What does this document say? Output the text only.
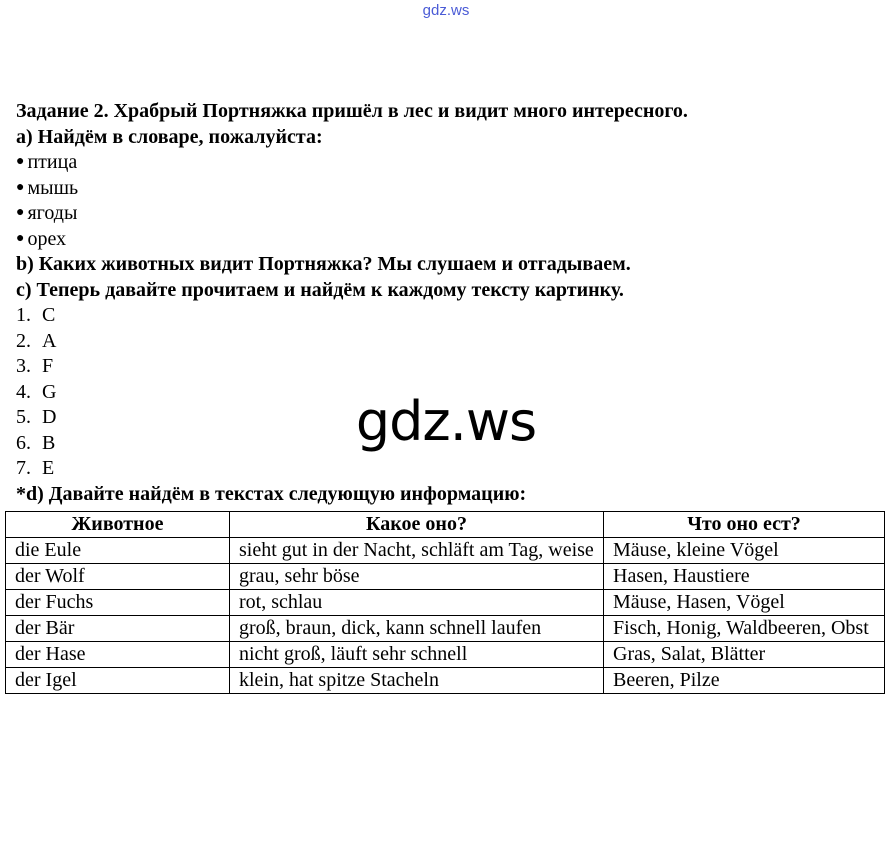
gdz.ws
Задание 2. Храбрый Портняжка пришёл в лес и видит много интересного.
a) Найдём в словаре, пожалуйста:
● птица
● мышь
● ягоды
● орех
b) Каких животных видит Портняжка? Мы слушаем и отгадываем.
c) Теперь давайте прочитаем и найдём к каждому тексту картинку.
1. C
2. A
3. F
4. G
5. D
6. B
7. E
*d) Давайте найдём в текстах следующую информацию:
gdz.ws
Животное	Какое оно?	Что оно ест?
die Eule	sieht gut in der Nacht, schläft am Tag, weise	Mäuse, kleine Vögel
der Wolf	grau, sehr böse	Hasen, Haustiere
der Fuchs	rot, schlau	Mäuse, Hasen, Vögel
der Bär	groß, braun, dick, kann schnell laufen	Fisch, Honig, Waldbeeren, Obst
der Hase	nicht groß, läuft sehr schnell	Gras, Salat, Blätter
der Igel	klein, hat spitze Stacheln	Beeren, Pilze
